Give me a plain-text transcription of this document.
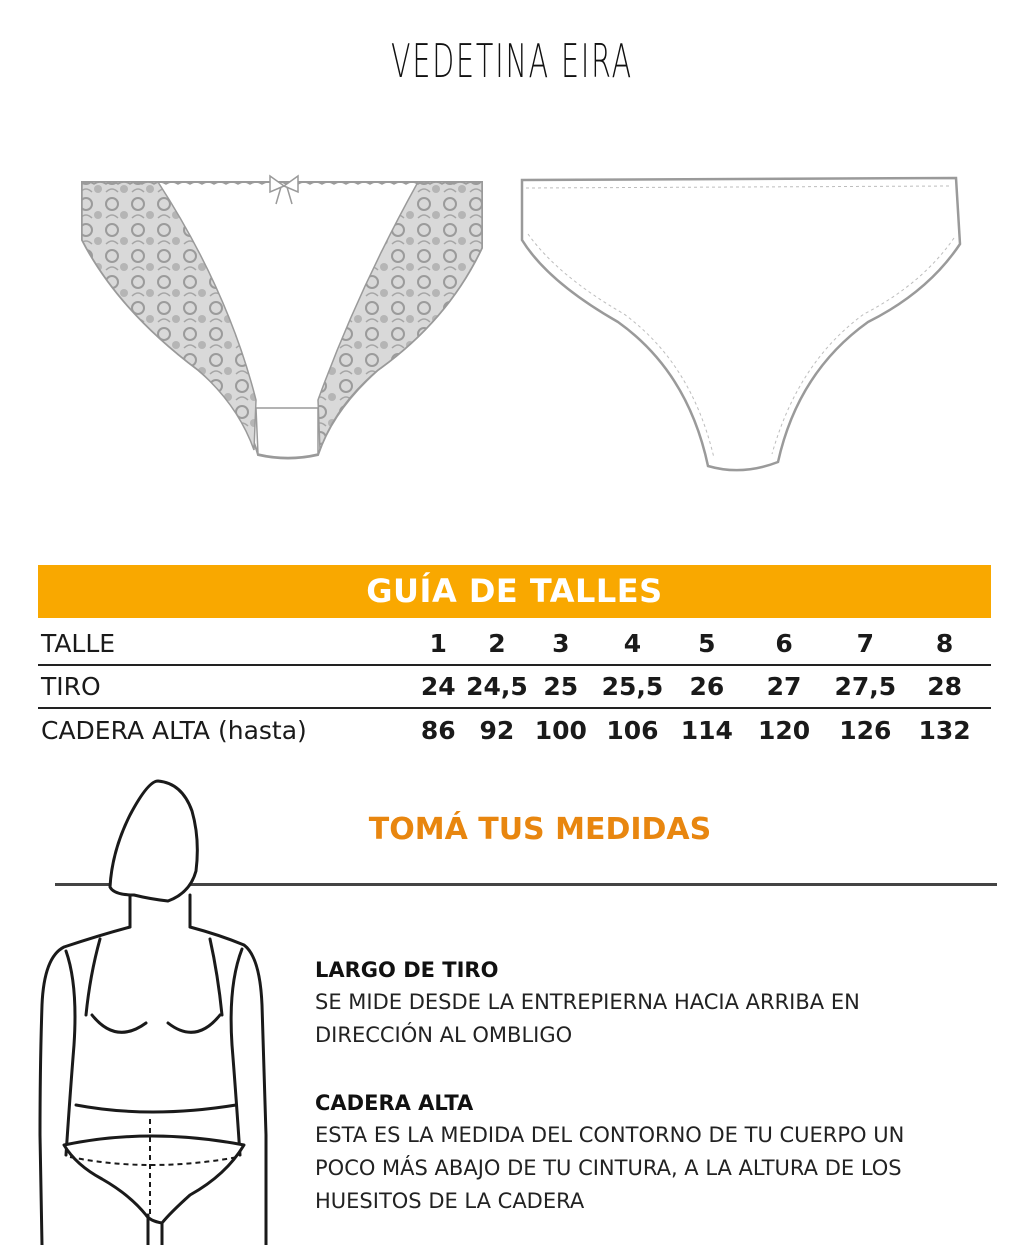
VEDETINA EIRA
GUÍA DE TALLES
TALLE	1	2	3	4	5	6	7	8
TIRO	24	24,5	25	25,5	26	27	27,5	28
CADERA ALTA (hasta)	86	92	100	106	114	120	126	132
TOMÁ TUS MEDIDAS
LARGO DE TIRO

SE MIDE DESDE LA ENTREPIERNA HACIA ARRIBA EN DIRECCIÓN AL OMBLIGO

CADERA ALTA

ESTA ES LA MEDIDA DEL CONTORNO DE TU CUERPO UN POCO MÁS ABAJO DE TU CINTURA, A LA ALTURA DE LOS HUESITOS DE LA CADERA
